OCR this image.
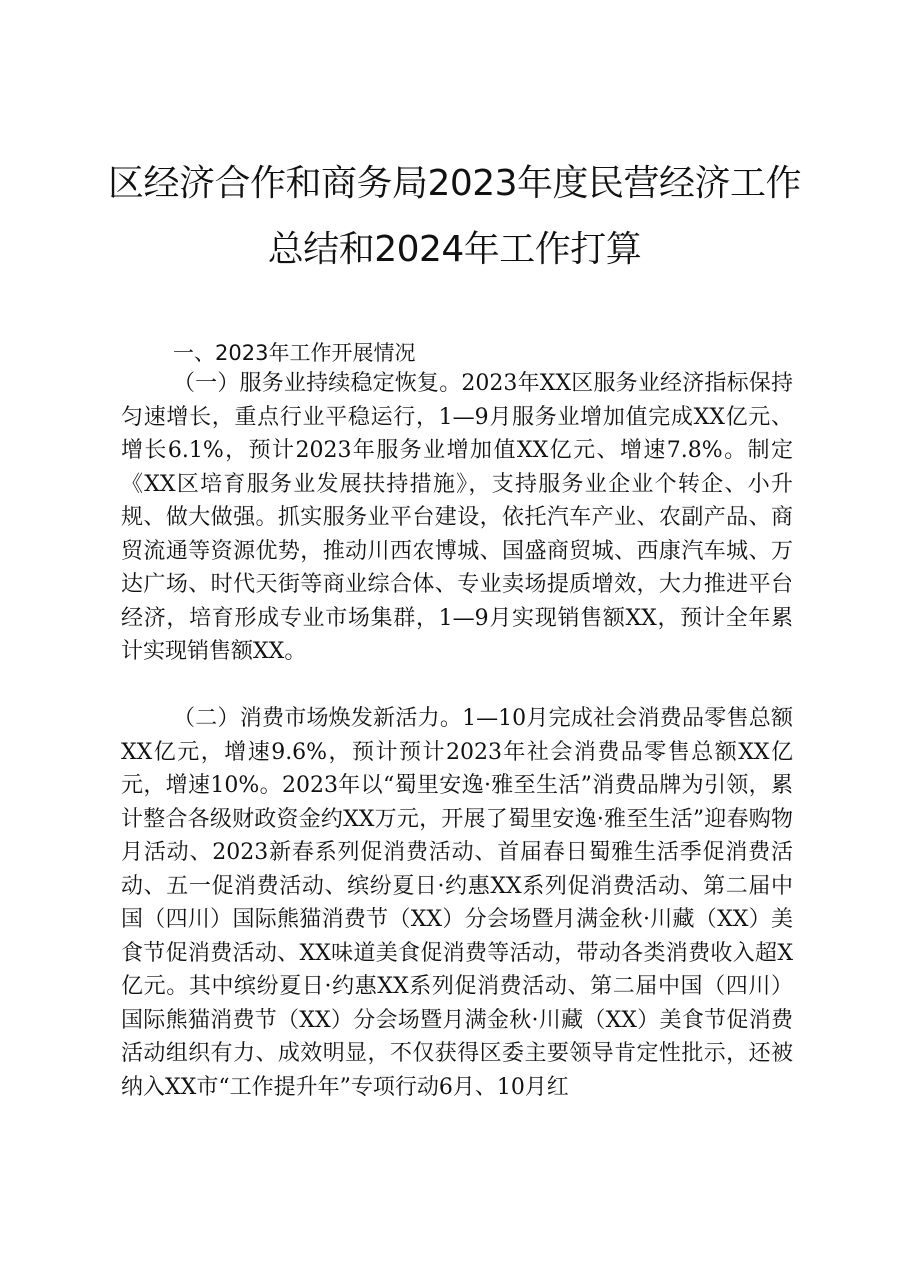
区经济合作和商务局2023年度民营经济工作
总结和2024年工作打算
一、2023年工作开展情况
（一）服务业持续稳定恢复。2023年XX区服务业经济指标保持匀速增长，重点行业平稳运行，1—9月服务业增加值完成XX亿元、增长6.1%，预计2023年服务业增加值XX亿元、增速7.8%。制定《XX区培育服务业发展扶持措施》，支持服务业企业个转企、小升规、做大做强。抓实服务业平台建设，依托汽车产业、农副产品、商贸流通等资源优势，推动川西农博城、国盛商贸城、西康汽车城、万达广场、时代天街等商业综合体、专业卖场提质增效，大力推进平台经济，培育形成专业市场集群，1—9月实现销售额XX，预计全年累计实现销售额XX。
（二）消费市场焕发新活力。1—10月完成社会消费品零售总额XX亿元，增速9.6%，预计预计2023年社会消费品零售总额XX亿元，增速10%。2023年以“蜀里安逸·雅至生活”消费品牌为引领，累计整合各级财政资金约XX万元，开展了蜀里安逸·雅至生活”迎春购物月活动、2023新春系列促消费活动、首届春日蜀雅生活季促消费活动、五一促消费活动、缤纷夏日·约惠XX系列促消费活动、第二届中国（四川）国际熊猫消费节（XX）分会场暨月满金秋·川藏（XX）美食节促消费活动、XX味道美食促消费等活动，带动各类消费收入超X亿元。其中缤纷夏日·约惠XX系列促消费活动、第二届中国（四川）国际熊猫消费节（XX）分会场暨月满金秋·川藏（XX）美食节促消费活动组织有力、成效明显，不仅获得区委主要领导肯定性批示，还被纳入XX市“工作提升年”专项行动6月、10月红
